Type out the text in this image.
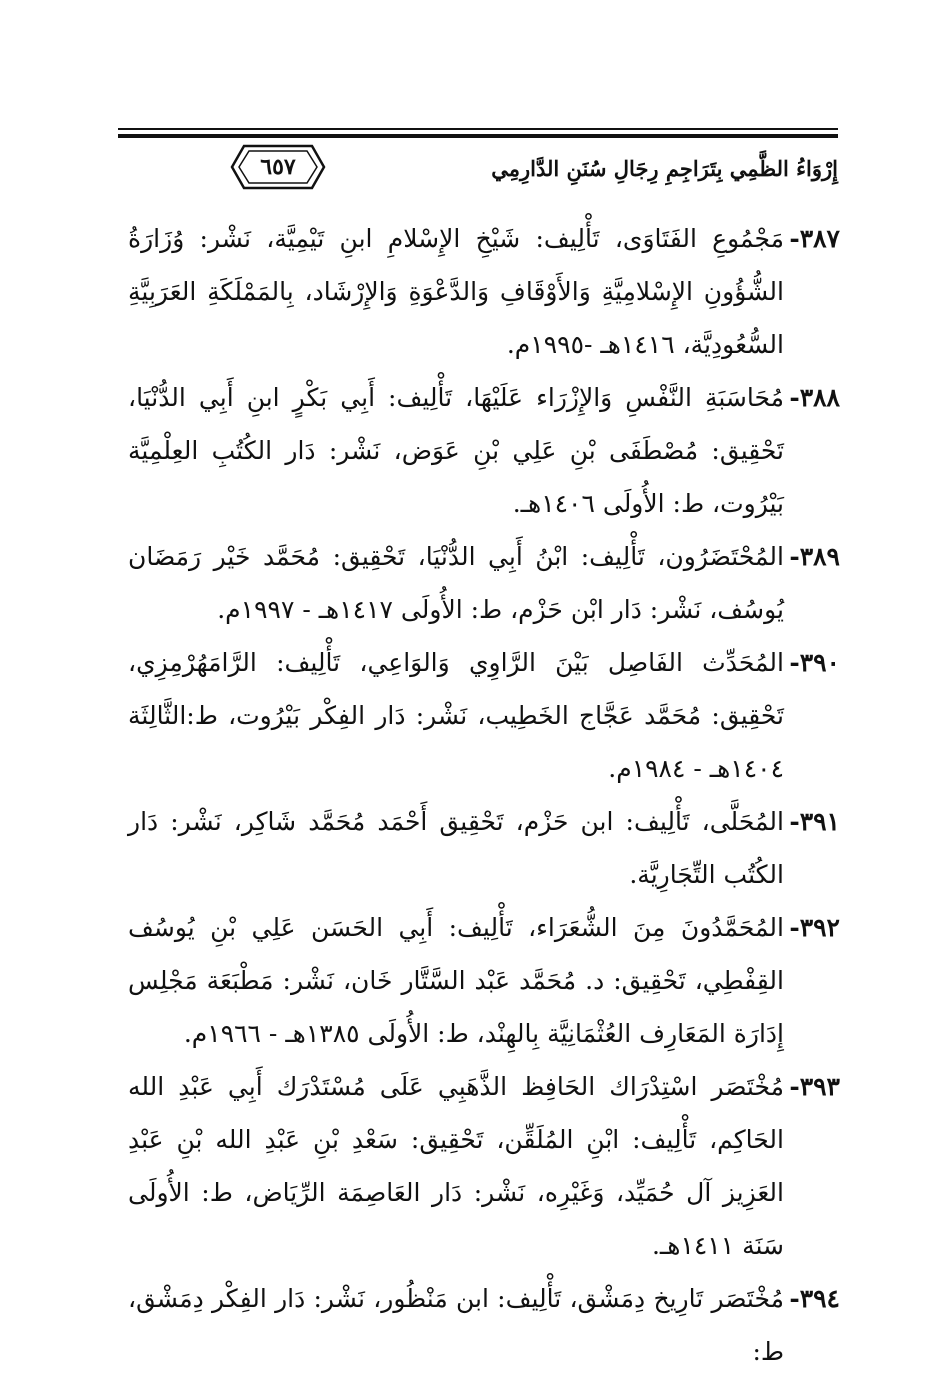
إِرْوَاءُ الظَّمِي بِتَرَاجِمِ رِجَالِ سُنَنِ الدَّارِمِي
٦٥٧
٣٨٧-
مَجْمُوعِ الفَتَاوَى، تَأْلِيف: شَيْخِ الإِسْلامِ ابنِ تَيْمِيَّة، نَشْر: وُزَارَةُ الشُّؤُونِ الإِسْلامِيَّةِ وَالأَوْقَافِ وَالدَّعْوَةِ وَالإِرْشَاد، بِالمَمْلَكَةِ العَرَبِيَّةِ السُّعُودِيَّة، ١٤١٦هـ -١٩٩٥م.
٣٨٨-
مُحَاسَبَةِ النَّفْسِ وَالإِزْرَاء عَلَيْهَا، تَأْلِيف: أَبِي بَكْرٍ ابنِ أَبِي الدُّنْيَا، تَحْقِيق: مُصْطَفَى بْنِ عَلِي بْنِ عَوَض، نَشْر: دَار الكُتُبِ العِلْمِيَّة بَيْرُوت، ط: الأُولَى ١٤٠٦هـ.
٣٨٩-
المُحْتَضَرُون، تَأْلِيف: ابْنُ أَبِي الدُّنْيَا، تَحْقِيق: مُحَمَّد خَيْر رَمَضَان يُوسُف، نَشْر: دَار ابْن حَزْم، ط: الأُولَى ١٤١٧هـ - ١٩٩٧م.
٣٩٠-
المُحَدِّث الفَاصِل بَيْنَ الرَّاوِي وَالوَاعِي، تَأْلِيف: الرَّامَهُرْمِزِي، تَحْقِيق: مُحَمَّد عَجَّاج الخَطِيب، نَشْر: دَار الفِكْر بَيْرُوت، ط:الثَّالِثَة ١٤٠٤هـ - ١٩٨٤م.
٣٩١-
المُحَلَّى، تَأْلِيف: ابن حَزْم، تَحْقِيق أَحْمَد مُحَمَّد شَاكِر، نَشْر: دَار الكُتُب التِّجَارِيَّة.
٣٩٢-
المُحَمَّدُونَ مِنَ الشُّعَرَاء، تَأْلِيف: أَبِي الحَسَن عَلِي بْنِ يُوسُف القِفْطِي، تَحْقِيق: د. مُحَمَّد عَبْد السَّتَّار خَان، نَشْر: مَطْبَعَة مَجْلِس إِدَارَة المَعَارِف العُثْمَانِيَّة بِالهِنْد، ط: الأُولَى ١٣٨٥هـ - ١٩٦٦م.
٣٩٣-
مُخْتَصَر اسْتِدْرَاك الحَافِظ الذَّهَبِي عَلَى مُسْتَدْرَك أَبِي عَبْدِ الله الحَاكِم، تَأْلِيف: ابْنِ المُلَقِّن، تَحْقِيق: سَعْدِ بْنِ عَبْدِ الله بْنِ عَبْدِ العَزِيز آل حُمَيِّد، وَغَيْرِه، نَشْر: دَار العَاصِمَة الرِّيَاض، ط: الأُولَى سَنَة ١٤١١هـ.
٣٩٤-
مُخْتَصَر تَارِيخ دِمَشْق، تَأْلِيف: ابن مَنْظُور، نَشْر: دَار الفِكْر دِمَشْق، ط:
